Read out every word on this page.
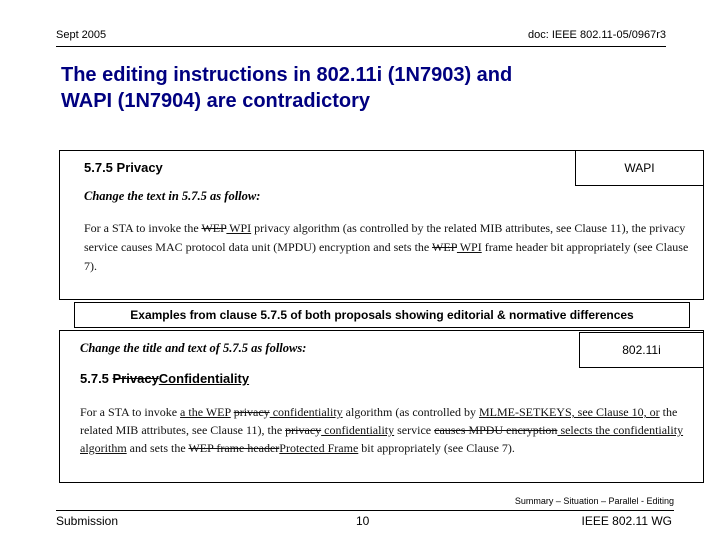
Sept 2005	doc: IEEE 802.11-05/0967r3
The editing instructions in 802.11i (1N7903) and
WAPI (1N7904) are contradictory
5.7.5 Privacy
Change the text in 5.7.5 as follow:
For a STA to invoke the WEP WPI privacy algorithm (as controlled by the related MIB attributes, see Clause 11), the privacy service causes MAC protocol data unit (MPDU) encryption and sets the WEP WPI frame header bit appropriately (see Clause 7).
WAPI
Examples from clause 5.7.5 of both proposals showing editorial & normative differences
Change the title and text of 5.7.5 as follows:
5.7.5 PrivacyConfidentiality
For a STA to invoke a the WEP privacy confidentiality algorithm (as controlled by MLME-SETKEYS, see Clause 10, or the related MIB attributes, see Clause 11), the privacy confidentiality service causes MPDU encryption selects the confidentiality algorithm and sets the WEP frame headerProtected Frame bit appropriately (see Clause 7).
802.11i
Summary – Situation – Parallel - Editing
Submission	10	IEEE 802.11 WG
